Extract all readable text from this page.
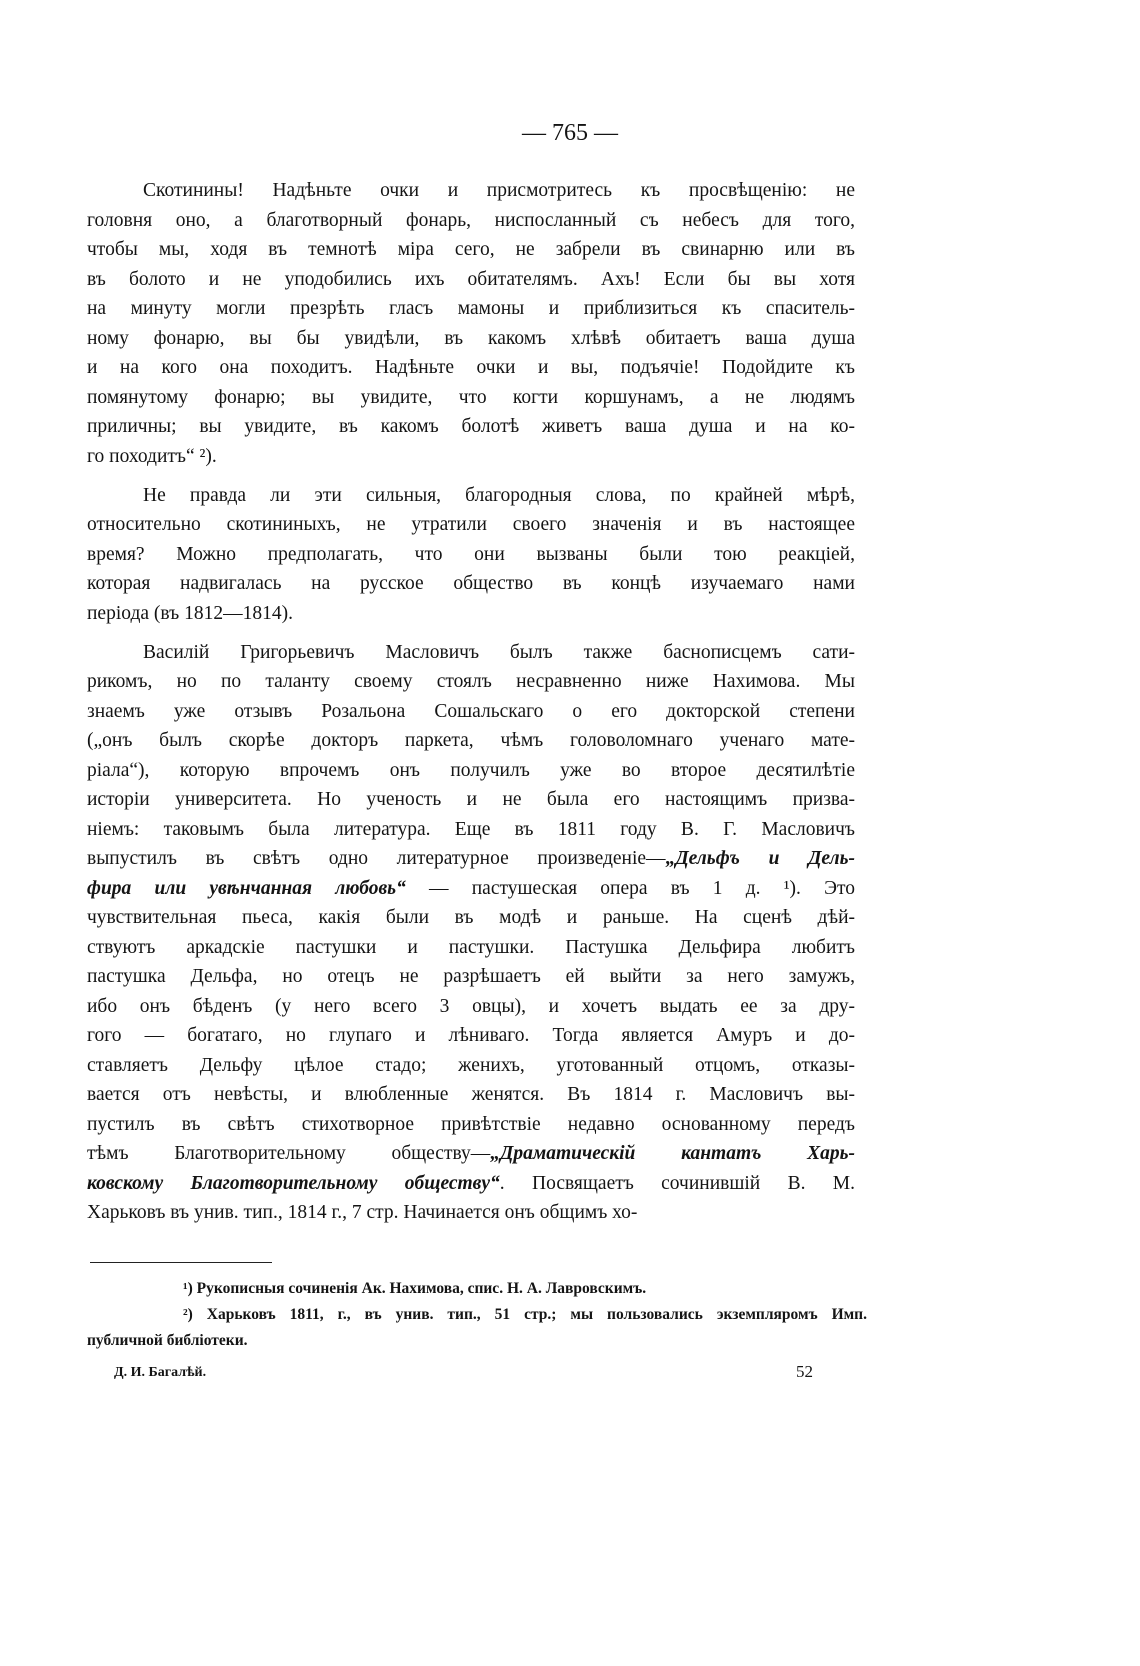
— 765 —
Скотинины! Надѣньте очки и присмотритесь къ просвѣщенію: не
головня оно, а благотворный фонарь, ниспосланный съ небесъ для того,
чтобы мы, ходя въ темнотѣ міра сего, не забрели въ свинарню или въ
въ болото и не уподобились ихъ обитателямъ. Ахъ! Если бы вы хотя
на минуту могли презрѣть гласъ мамоны и приблизиться къ спаситель-
ному фонарю, вы бы увидѣли, въ какомъ хлѣвѣ обитаетъ ваша душа
и на кого она походитъ. Надѣньте очки и вы, подъячіе! Подойдите къ
помянутому фонарю; вы увидите, что когти коршунамъ, а не людямъ
приличны; вы увидите, въ какомъ болотѣ живетъ ваша душа и на ко-
го походитъ“ ²).
Не правда ли эти сильныя, благородныя слова, по крайней мѣрѣ,
относительно скотининыхъ, не утратили своего значенія и въ настоящее
время? Можно предполагать, что они вызваны были тою реакціей,
которая надвигалась на русское общество въ концѣ изучаемаго нами
періода (въ 1812—1814).
Василій Григорьевичъ Масловичъ былъ также баснописцемъ сати-
рикомъ, но по таланту своему стоялъ несравненно ниже Нахимова. Мы
знаемъ уже отзывъ Розальона Сошальскаго о его докторской степени
(„онъ былъ скорѣе докторъ паркета, чѣмъ головоломнаго ученаго мате-
ріала“), которую впрочемъ онъ получилъ уже во второе десятилѣтіе
исторіи университета. Но ученость и не была его настоящимъ призва-
ніемъ: таковымъ была литература. Еще въ 1811 году В. Г. Масловичъ
выпустилъ въ свѣтъ одно литературное произведеніе—„Дельфъ и Дель-
фира или увѣнчанная любовь“ — пастушеская опера въ 1 д. ¹). Это
чувствительная пьеса, какія были въ модѣ и раньше. На сценѣ дѣй-
ствуютъ аркадскіе пастушки и пастушки. Пастушка Дельфира любитъ
пастушка Дельфа, но отецъ не разрѣшаетъ ей выйти за него замужъ,
ибо онъ бѣденъ (у него всего 3 овцы), и хочетъ выдать ее за дру-
гого — богатаго, но глупаго и лѣниваго. Тогда является Амуръ и до-
ставляетъ Дельфу цѣлое стадо; женихъ, уготованный отцомъ, отказы-
вается отъ невѣсты, и влюбленные женятся. Въ 1814 г. Масловичъ вы-
пустилъ въ свѣтъ стихотворное привѣтствіе недавно основанному передъ
тѣмъ Благотворительному обществу—„Драматическій кантатъ Харь-
ковскому Благотворительному обществу“. Посвящаетъ сочинившій В. М.
Харьковъ въ унив. тип., 1814 г., 7 стр. Начинается онъ общимъ хо-
¹) Рукописныя сочиненія Ак. Нахимова, спис. Н. А. Лавровскимъ.
²) Харьковъ 1811, г., въ унив. тип., 51 стр.; мы пользовались экземпляромъ Имп.
публичной библіотеки.
Д. И. Багалѣй.	52
